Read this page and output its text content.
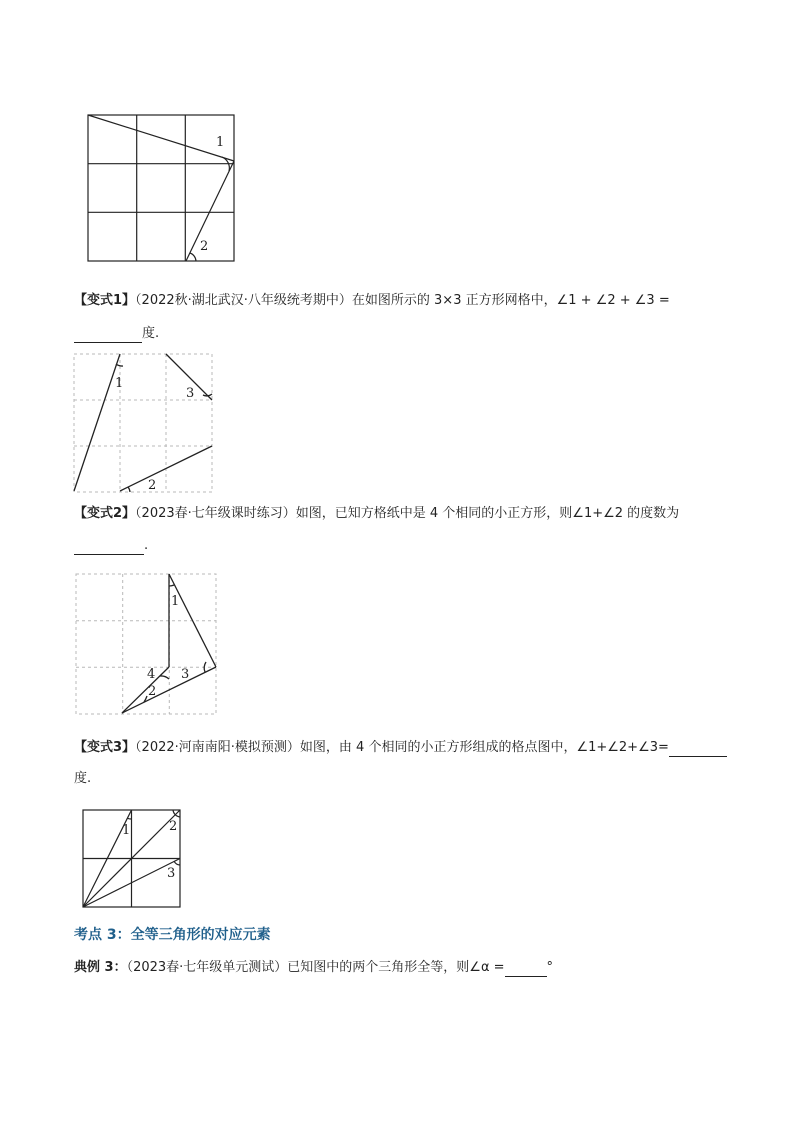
1
2
【变式1】（2022秋·湖北武汉·八年级统考期中）在如图所示的 3×3 正方形网格中，∠1 + ∠2 + ∠3 =
度.
1
3
2
【变式2】（2023春·七年级课时练习）如图，已知方格纸中是 4 个相同的小正方形，则∠1+∠2 的度数为
.
1
4 3
2
【变式3】（2022·河南南阳·模拟预测）如图，由 4 个相同的小正方形组成的格点图中，∠1+∠2+∠3=
度.
1	2
3
考点 3：全等三角形的对应元素
典例 3：（2023春·七年级单元测试）已知图中的两个三角形全等，则∠α =	°
